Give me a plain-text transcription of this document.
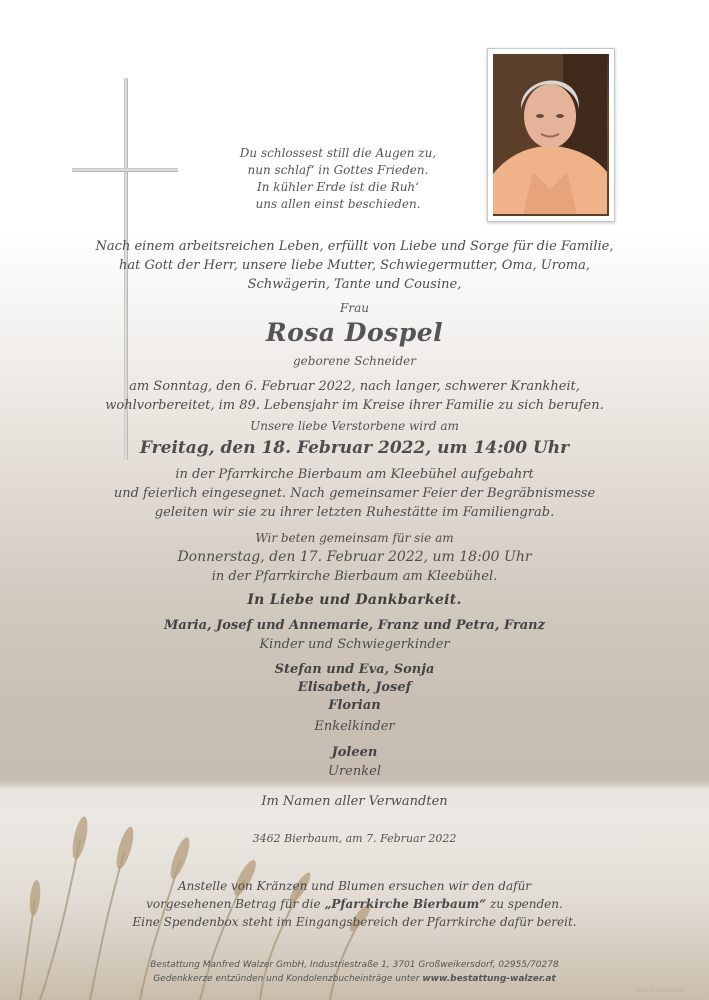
Du schlossest still die Augen zu,
nun schlaf‘ in Gottes Frieden.
In kühler Erde ist die Ruh‘
uns allen einst beschieden.
Nach einem arbeitsreichen Leben, erfüllt von Liebe und Sorge für die Familie,
hat Gott der Herr, unsere liebe Mutter, Schwiegermutter, Oma, Uroma,
Schwägerin, Tante und Cousine,
Frau
Rosa Dospel
geborene Schneider
am Sonntag, den 6. Februar 2022, nach langer, schwerer Krankheit,
wohlvorbereitet, im 89. Lebensjahr im Kreise ihrer Familie zu sich berufen.
Unsere liebe Verstorbene wird am
Freitag, den 18. Februar 2022, um 14:00 Uhr
in der Pfarrkirche Bierbaum am Kleebühel aufgebahrt
und feierlich eingesegnet. Nach gemeinsamer Feier der Begräbnismesse
geleiten wir sie zu ihrer letzten Ruhestätte im Familiengrab.
Wir beten gemeinsam für sie am
Donnerstag, den 17. Februar 2022, um 18:00 Uhr
in der Pfarrkirche Bierbaum am Kleebühel.
In Liebe und Dankbarkeit.
Maria, Josef und Annemarie, Franz und Petra, Franz
Kinder und Schwiegerkinder
Stefan und Eva, Sonja
Elisabeth, Josef
Florian
Enkelkinder
Joleen
Urenkel
Im Namen aller Verwandten
3462 Bierbaum, am 7. Februar 2022
Anstelle von Kränzen und Blumen ersuchen wir den dafür
vorgesehenen Betrag für die „Pfarrkirche Bierbaum“ zu spenden.
Eine Spendenbox steht im Eingangsbereich der Pfarrkirche dafür bereit.
Bestattung Manfred Walzer GmbH, Industriestraße 1, 3701 Großweikersdorf, 02955/70278
Gedenkkerze entzünden und Kondolenzbucheinträge unter www.bestattung-walzer.at
Seite © Musterbild
